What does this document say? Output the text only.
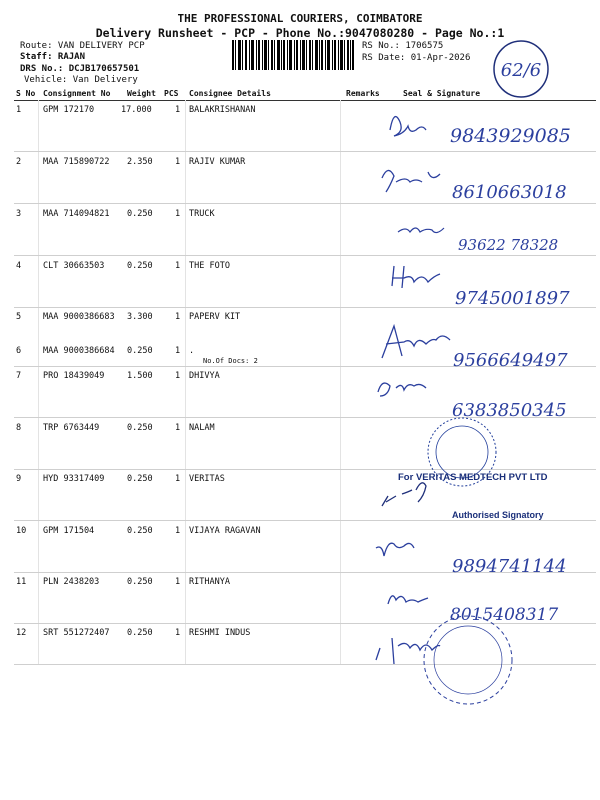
THE PROFESSIONAL COURIERS, COIMBATORE
Delivery Runsheet - PCP - Phone No.:9047080280 - Page No.:1
Route: VAN DELIVERY PCP
Staff: RAJAN
DRS No.: DCJB170657501
Vehicle: Van Delivery
RS No.: 1706575
RS Date: 01-Apr-2026
62/6
S No Consignment No Weight PCS Consignee Details	Remarks	Seal & Signature
1	GPM 172170	17.000	1 BALAKRISHANAN
2	MAA 715890722 2.350	1 RAJIV KUMAR
3	MAA 714094821 0.250	1 TRUCK
4	CLT 30663503	0.250	1 THE FOTO
5	MAA 9000386683 3.300	1 PAPERV KIT
6	MAA 9000386684 0.250	1 .
No.Of Docs: 2
7	PRO 18439049	1.500	1 DHIVYA
8	TRP 6763449	0.250	1 NALAM
9	HYD 93317409	0.250	1 VERITAS
10 GPM 171504	0.250	1 VIJAYA RAGAVAN
11 PLN 2438203	0.250	1 RITHANYA
12 SRT 551272407 0.250	1 RESHMI INDUS
9843929085
8610663018
93622 78328
9745001897
9566649497
6383850345
For VERITAS MEDTECH PVT LTD
Authorised Signatory
9894741144
8015408317
